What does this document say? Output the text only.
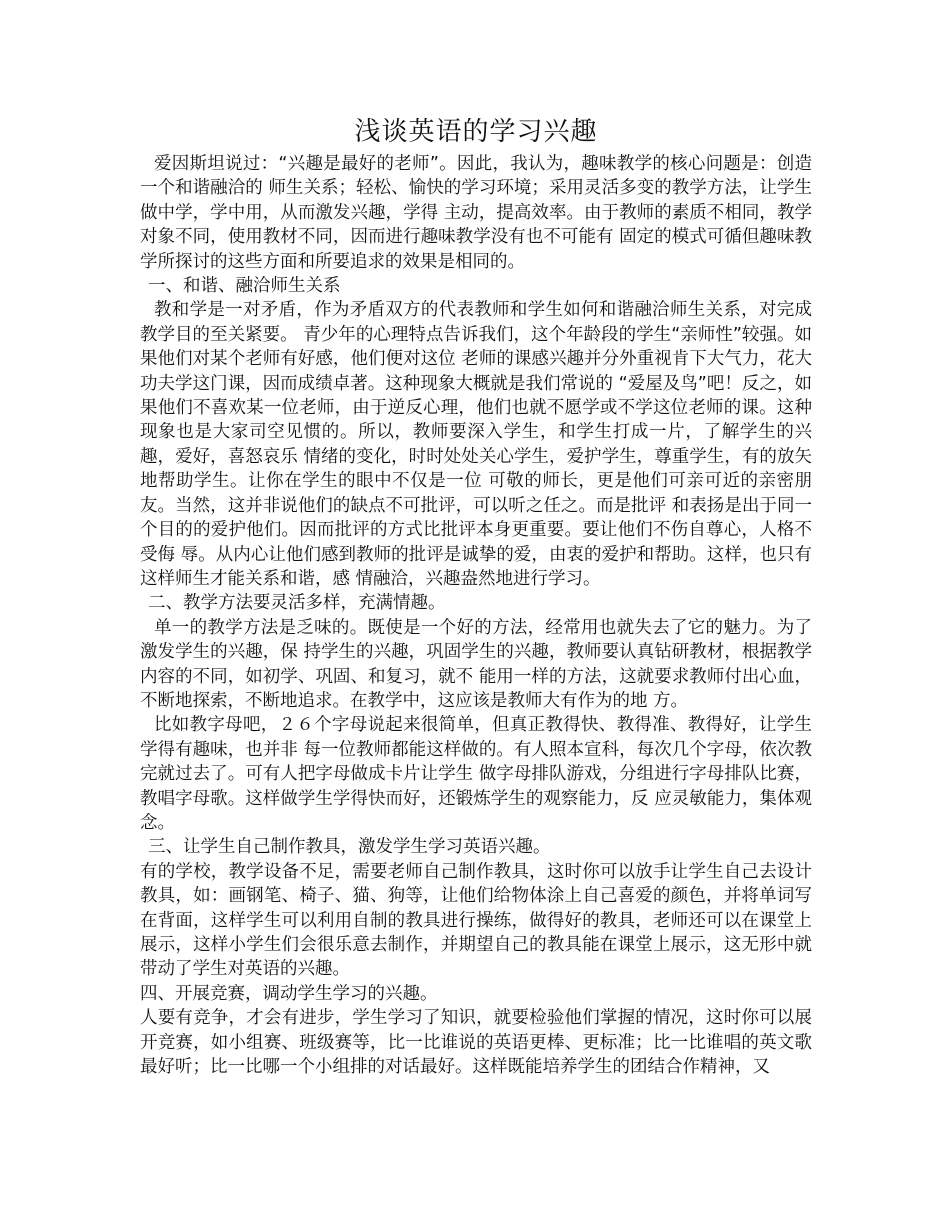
浅谈英语的学习兴趣

爱因斯坦说过：“兴趣是最好的老师”。因此，我认为，趣味教学的核心问题是：创造一个和谐融洽的 师生关系；轻松、愉快的学习环境；采用灵活多变的教学方法，让学生做中学，学中用，从而激发兴趣，学得 主动，提高效率。由于教师的素质不相同，教学对象不同，使用教材不同，因而进行趣味教学没有也不可能有 固定的模式可循但趣味教学所探讨的这些方面和所要追求的效果是相同的。

一、和谐、融洽师生关系

教和学是一对矛盾，作为矛盾双方的代表教师和学生如何和谐融洽师生关系，对完成教学目的至关紧要。 青少年的心理特点告诉我们，这个年龄段的学生“亲师性”较强。如果他们对某个老师有好感，他们便对这位 老师的课感兴趣并分外重视肯下大气力，花大功夫学这门课，因而成绩卓著。这种现象大概就是我们常说的 “爱屋及鸟”吧！反之，如果他们不喜欢某一位老师，由于逆反心理，他们也就不愿学或不学这位老师的课。这种现象也是大家司空见惯的。所以，教师要深入学生，和学生打成一片，了解学生的兴趣，爱好，喜怒哀乐 情绪的变化，时时处处关心学生，爱护学生，尊重学生，有的放矢地帮助学生。让你在学生的眼中不仅是一位 可敬的师长，更是他们可亲可近的亲密朋友。当然，这并非说他们的缺点不可批评，可以听之任之。而是批评 和表扬是出于同一个目的的爱护他们。因而批评的方式比批评本身更重要。要让他们不伤自尊心，人格不受侮 辱。从内心让他们感到教师的批评是诚挚的爱，由衷的爱护和帮助。这样，也只有这样师生才能关系和谐，感 情融洽，兴趣盎然地进行学习。

二、教学方法要灵活多样，充满情趣。

单一的教学方法是乏味的。既使是一个好的方法，经常用也就失去了它的魅力。为了激发学生的兴趣，保 持学生的兴趣，巩固学生的兴趣，教师要认真钻研教材，根据教学内容的不同，如初学、巩固、和复习，就不 能用一样的方法，这就要求教师付出心血，不断地探索，不断地追求。在教学中，这应该是教师大有作为的地 方。

比如教字母吧，２６个字母说起来很简单，但真正教得快、教得准、教得好，让学生学得有趣味，也并非 每一位教师都能这样做的。有人照本宣科，每次几个字母，依次教完就过去了。可有人把字母做成卡片让学生 做字母排队游戏，分组进行字母排队比赛，教唱字母歌。这样做学生学得快而好，还锻炼学生的观察能力，反 应灵敏能力，集体观念。

三、让学生自己制作教具，激发学生学习英语兴趣。

有的学校，教学设备不足，需要老师自己制作教具，这时你可以放手让学生自己去设计教具，如：画钢笔、椅子、猫、狗等，让他们给物体涂上自己喜爱的颜色，并将单词写在背面，这样学生可以利用自制的教具进行操练，做得好的教具，老师还可以在课堂上展示，这样小学生们会很乐意去制作，并期望自己的教具能在课堂上展示，这无形中就带动了学生对英语的兴趣。

四、开展竞赛，调动学生学习的兴趣。

人要有竞争，才会有进步，学生学习了知识，就要检验他们掌握的情况，这时你可以展开竞赛，如小组赛、班级赛等，比一比谁说的英语更棒、更标准；比一比谁唱的英文歌最好听；比一比哪一个小组排的对话最好。这样既能培养学生的团结合作精神，又
